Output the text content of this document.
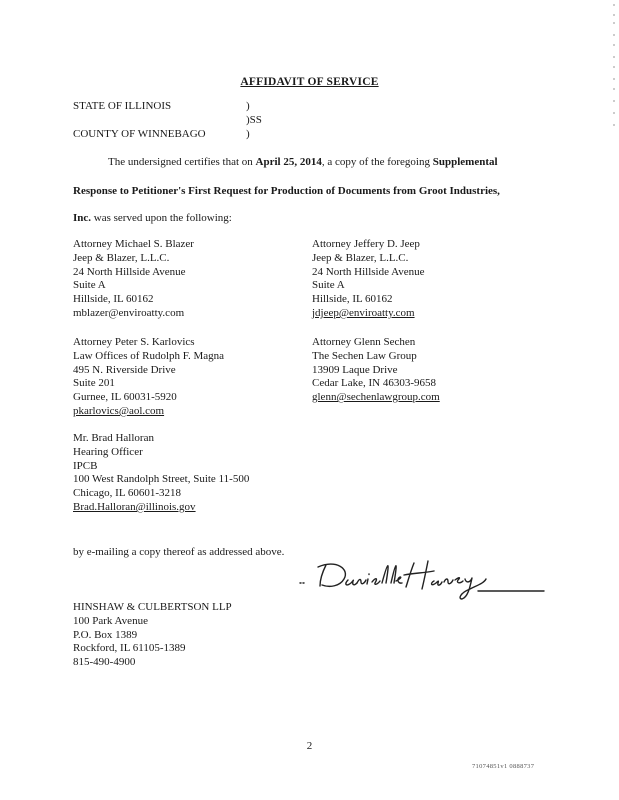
AFFIDAVIT OF SERVICE
STATE OF ILLINOIS	)
)SS
COUNTY OF WINNEBAGO	)
The undersigned certifies that on April 25, 2014, a copy of the foregoing Supplemental
Response to Petitioner's First Request for Production of Documents from Groot Industries,
Inc. was served upon the following:
Attorney Michael S. Blazer
Jeep & Blazer, L.L.C.
24 North Hillside Avenue
Suite A
Hillside, IL 60162
mblazer@enviroatty.com
Attorney Jeffery D. Jeep
Jeep & Blazer, L.L.C.
24 North Hillside Avenue
Suite A
Hillside, IL 60162
jdjeep@enviroatty.com
Attorney Peter S. Karlovics
Law Offices of Rudolph F. Magna
495 N. Riverside Drive
Suite 201
Gurnee, IL 60031-5920
pkarlovics@aol.com
Attorney Glenn Sechen
The Sechen Law Group
13909 Laque Drive
Cedar Lake, IN 46303-9658
glenn@sechenlawgroup.com
Mr. Brad Halloran
Hearing Officer
IPCB
100 West Randolph Street, Suite 11-500
Chicago, IL 60601-3218
Brad.Halloran@illinois.gov
by e-mailing a copy thereof as addressed above.
HINSHAW & CULBERTSON LLP
100 Park Avenue
P.O. Box 1389
Rockford, IL 61105-1389
815-490-4900
2
71074851v1 0888737
